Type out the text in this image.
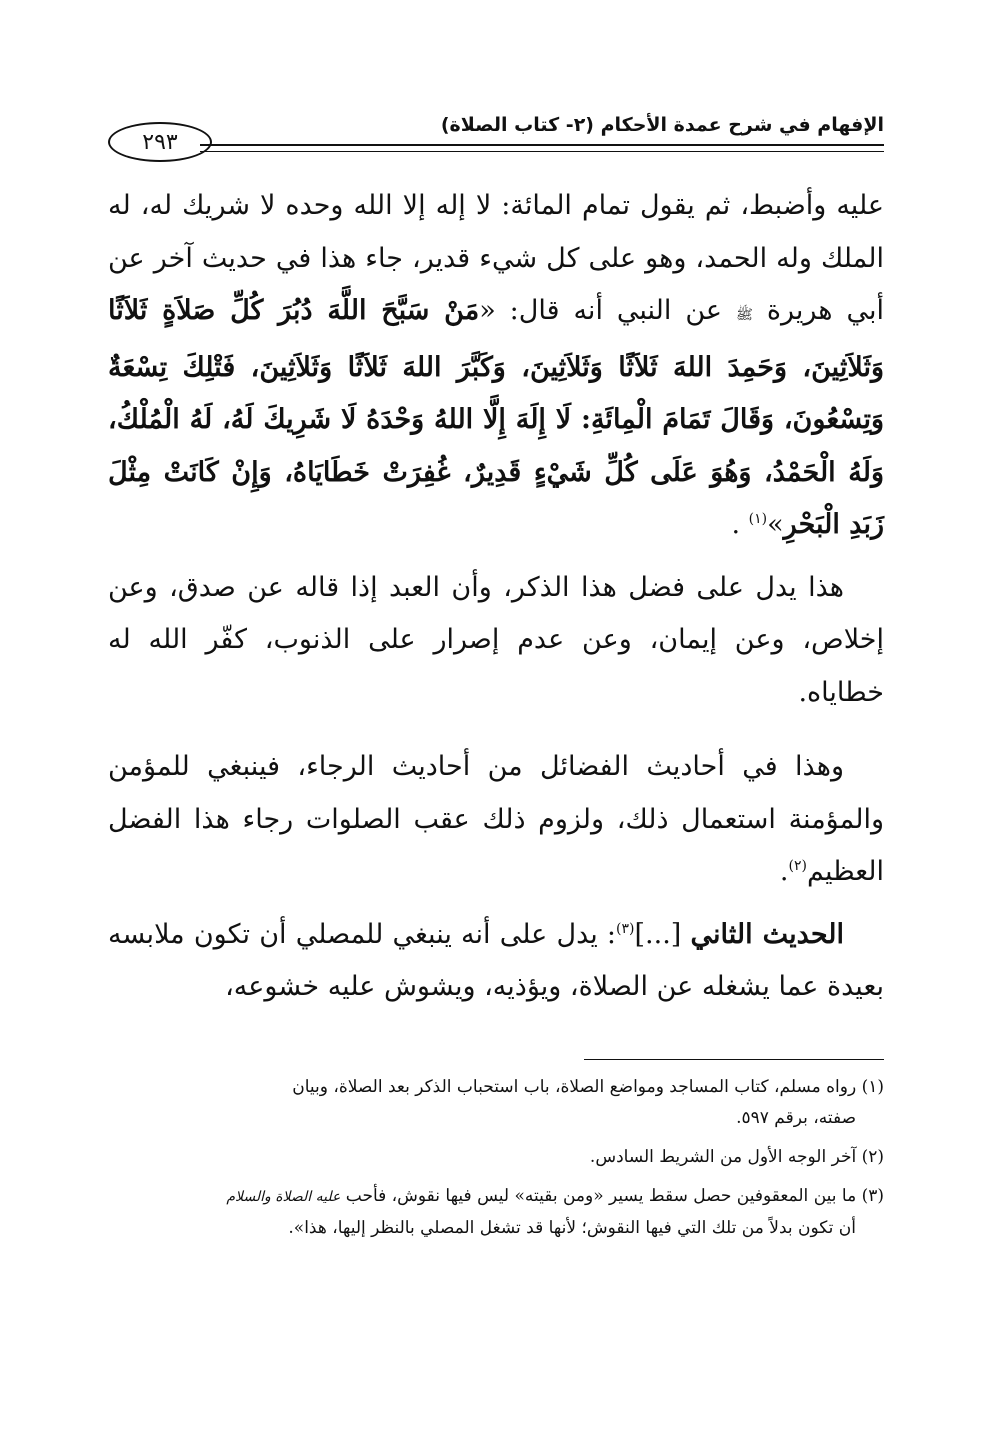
الإفهام في شرح عمدة الأحكام (٢- كتاب الصلاة)
٢٩٣

عليه وأضبط، ثم يقول تمام المائة: لا إله إلا الله وحده لا شريك له، له الملك وله الحمد، وهو على كل شيء قدير، جاء هذا في حديث آخر عن أبي هريرة ﷺ عن النبي أنه قال: «مَنْ سَبَّحَ اللَّهَ دُبُرَ كُلِّ صَلاَةٍ ثَلاَثًا وَثَلاَثِينَ، وَحَمِدَ اللهَ ثَلاَثًا وَثَلاَثِينَ، وَكَبَّرَ اللهَ ثَلاَثًا وَثَلاَثِينَ، فَتْلِكَ تِسْعَةٌ وَتِسْعُونَ، وَقَالَ تَمَامَ الْمِائَةِ: لَا إِلَهَ إِلَّا اللهُ وَحْدَهُ لَا شَرِيكَ لَهُ، لَهُ الْمُلْكُ، وَلَهُ الْحَمْدُ، وَهُوَ عَلَى كُلِّ شَيْءٍ قَدِيرٌ، غُفِرَتْ خَطَايَاهُ، وَإِنْ كَانَتْ مِثْلَ زَبَدِ الْبَحْرِ»$^{(١)}$ .

هذا يدل على فضل هذا الذكر، وأن العبد إذا قاله عن صدق، وعن إخلاص، وعن إيمان، وعن عدم إصرار على الذنوب، كفّر الله له خطاياه.

وهذا في أحاديث الفضائل من أحاديث الرجاء، فينبغي للمؤمن والمؤمنة استعمال ذلك، ولزوم ذلك عقب الصلوات رجاء هذا الفضل العظيم$^{(٢)}$.

الحديث الثاني [...]$^{(٣)}$: يدل على أنه ينبغي للمصلي أن تكون ملابسه بعيدة عما يشغله عن الصلاة، ويؤذيه، ويشوش عليه خشوعه،

(١) رواه مسلم، كتاب المساجد ومواضع الصلاة، باب استحباب الذكر بعد الصلاة، وبيان
صفته، برقم ٥٩٧.

(٢) آخر الوجه الأول من الشريط السادس.

(٣) ما بين المعقوفين حصل سقط يسير «ومن بقيته» ليس فيها نقوش، فأحب عليه الصلاة والسلام
أن تكون بدلاً من تلك التي فيها النقوش؛ لأنها قد تشغل المصلي بالنظر إليها، هذا».
